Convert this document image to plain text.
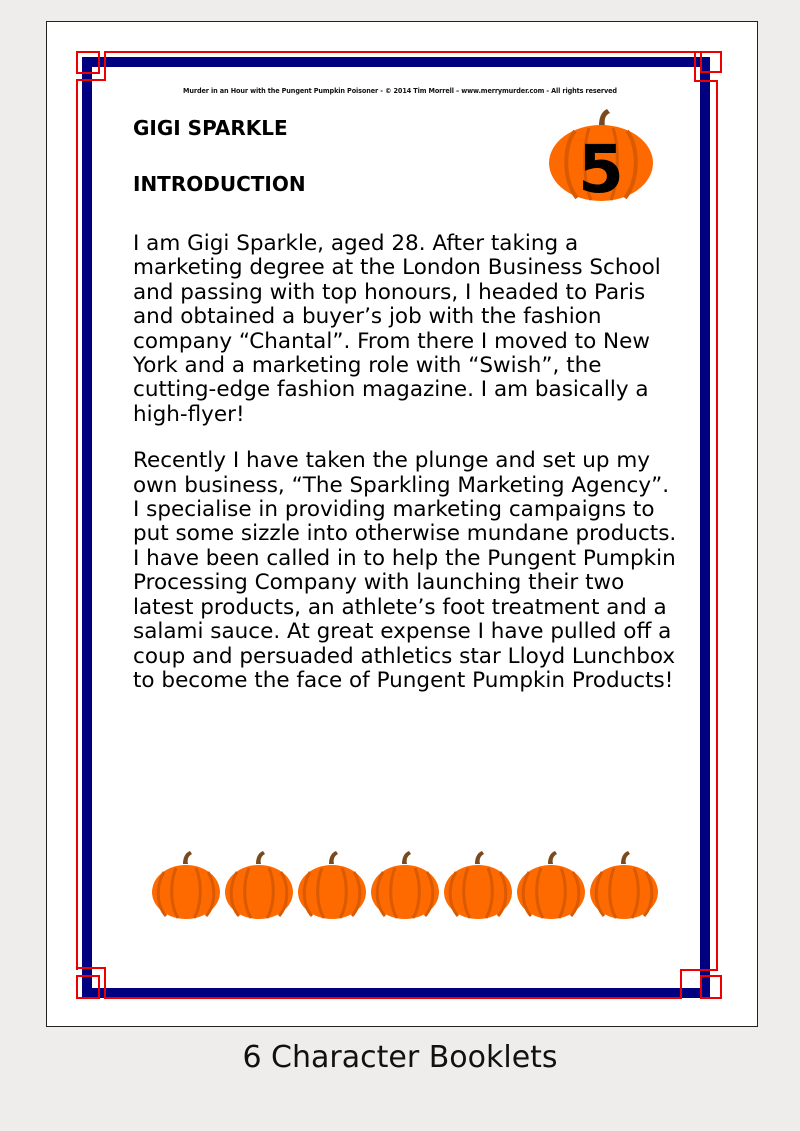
Murder in an Hour with the Pungent Pumpkin Poisoner - © 2014 Tim Morrell – www.merrymurder.com - All rights reserved
GIGI SPARKLE
INTRODUCTION	5

I am Gigi Sparkle, aged 28. After taking a marketing degree at the London Business School and passing with top honours, I headed to Paris and obtained a buyer’s job with the fashion company “Chantal”. From there I moved to New York and a marketing role with “Swish”, the cutting-edge fashion magazine. I am basically a high-flyer!

Recently I have taken the plunge and set up my own business, “The Sparkling Marketing Agency”. I specialise in providing marketing campaigns to put some sizzle into otherwise mundane products. I have been called in to help the Pungent Pumpkin Processing Company with launching their two latest products, an athlete’s foot treatment and a salami sauce. At great expense I have pulled off a coup and persuaded athletics star Lloyd Lunchbox to become the face of Pungent Pumpkin Products!

6 Character Booklets
